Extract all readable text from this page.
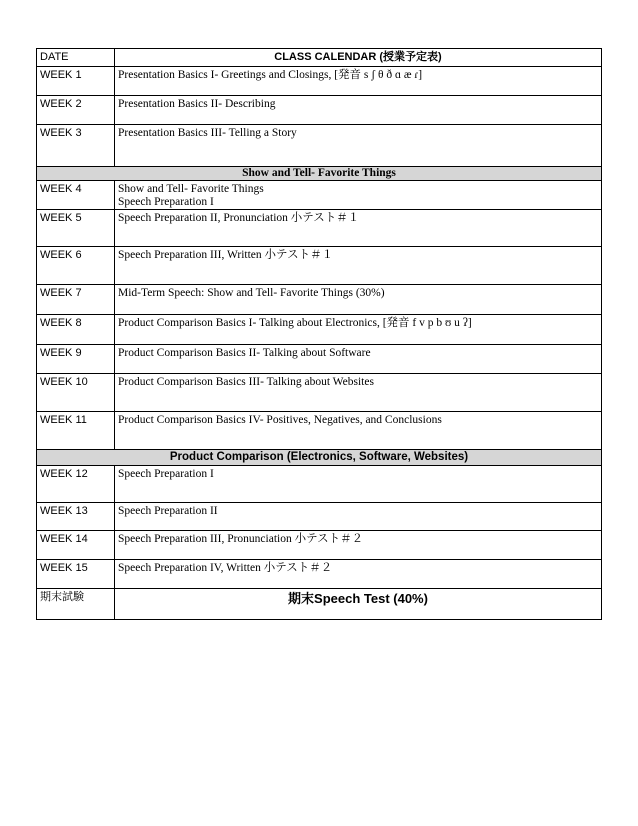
DATE	CLASS CALENDAR (授業予定表)
WEEK 1	Presentation Basics I- Greetings and Closings, [発音 s ʃ θ ð ɑ æ ɾ]

WEEK 2	Presentation Basics II- Describing

WEEK 3	Presentation Basics III- Telling a Story

Show and Tell- Favorite Things	
WEEK 4	Show and Tell- Favorite Things
Speech Preparation I

WEEK 5	Speech Preparation II, Pronunciation 小テスト＃１

WEEK 6	Speech Preparation III, Written 小テスト＃１

WEEK 7	Mid-Term Speech: Show and Tell- Favorite Things (30%)

WEEK 8	Product Comparison Basics I- Talking about Electronics, [発音 f v p b ʊ u ʔ]

WEEK 9	Product Comparison Basics II- Talking about Software

WEEK 10	Product Comparison Basics III- Talking about Websites

WEEK 11	Product Comparison Basics IV- Positives, Negatives, and Conclusions

Product Comparison (Electronics, Software, Websites)	
WEEK 12	Speech Preparation I

WEEK 13	Speech Preparation II

WEEK 14	Speech Preparation III, Pronunciation 小テスト＃２

WEEK 15	Speech Preparation IV, Written 小テスト＃２

期末試験	期末Speech Test (40%)
